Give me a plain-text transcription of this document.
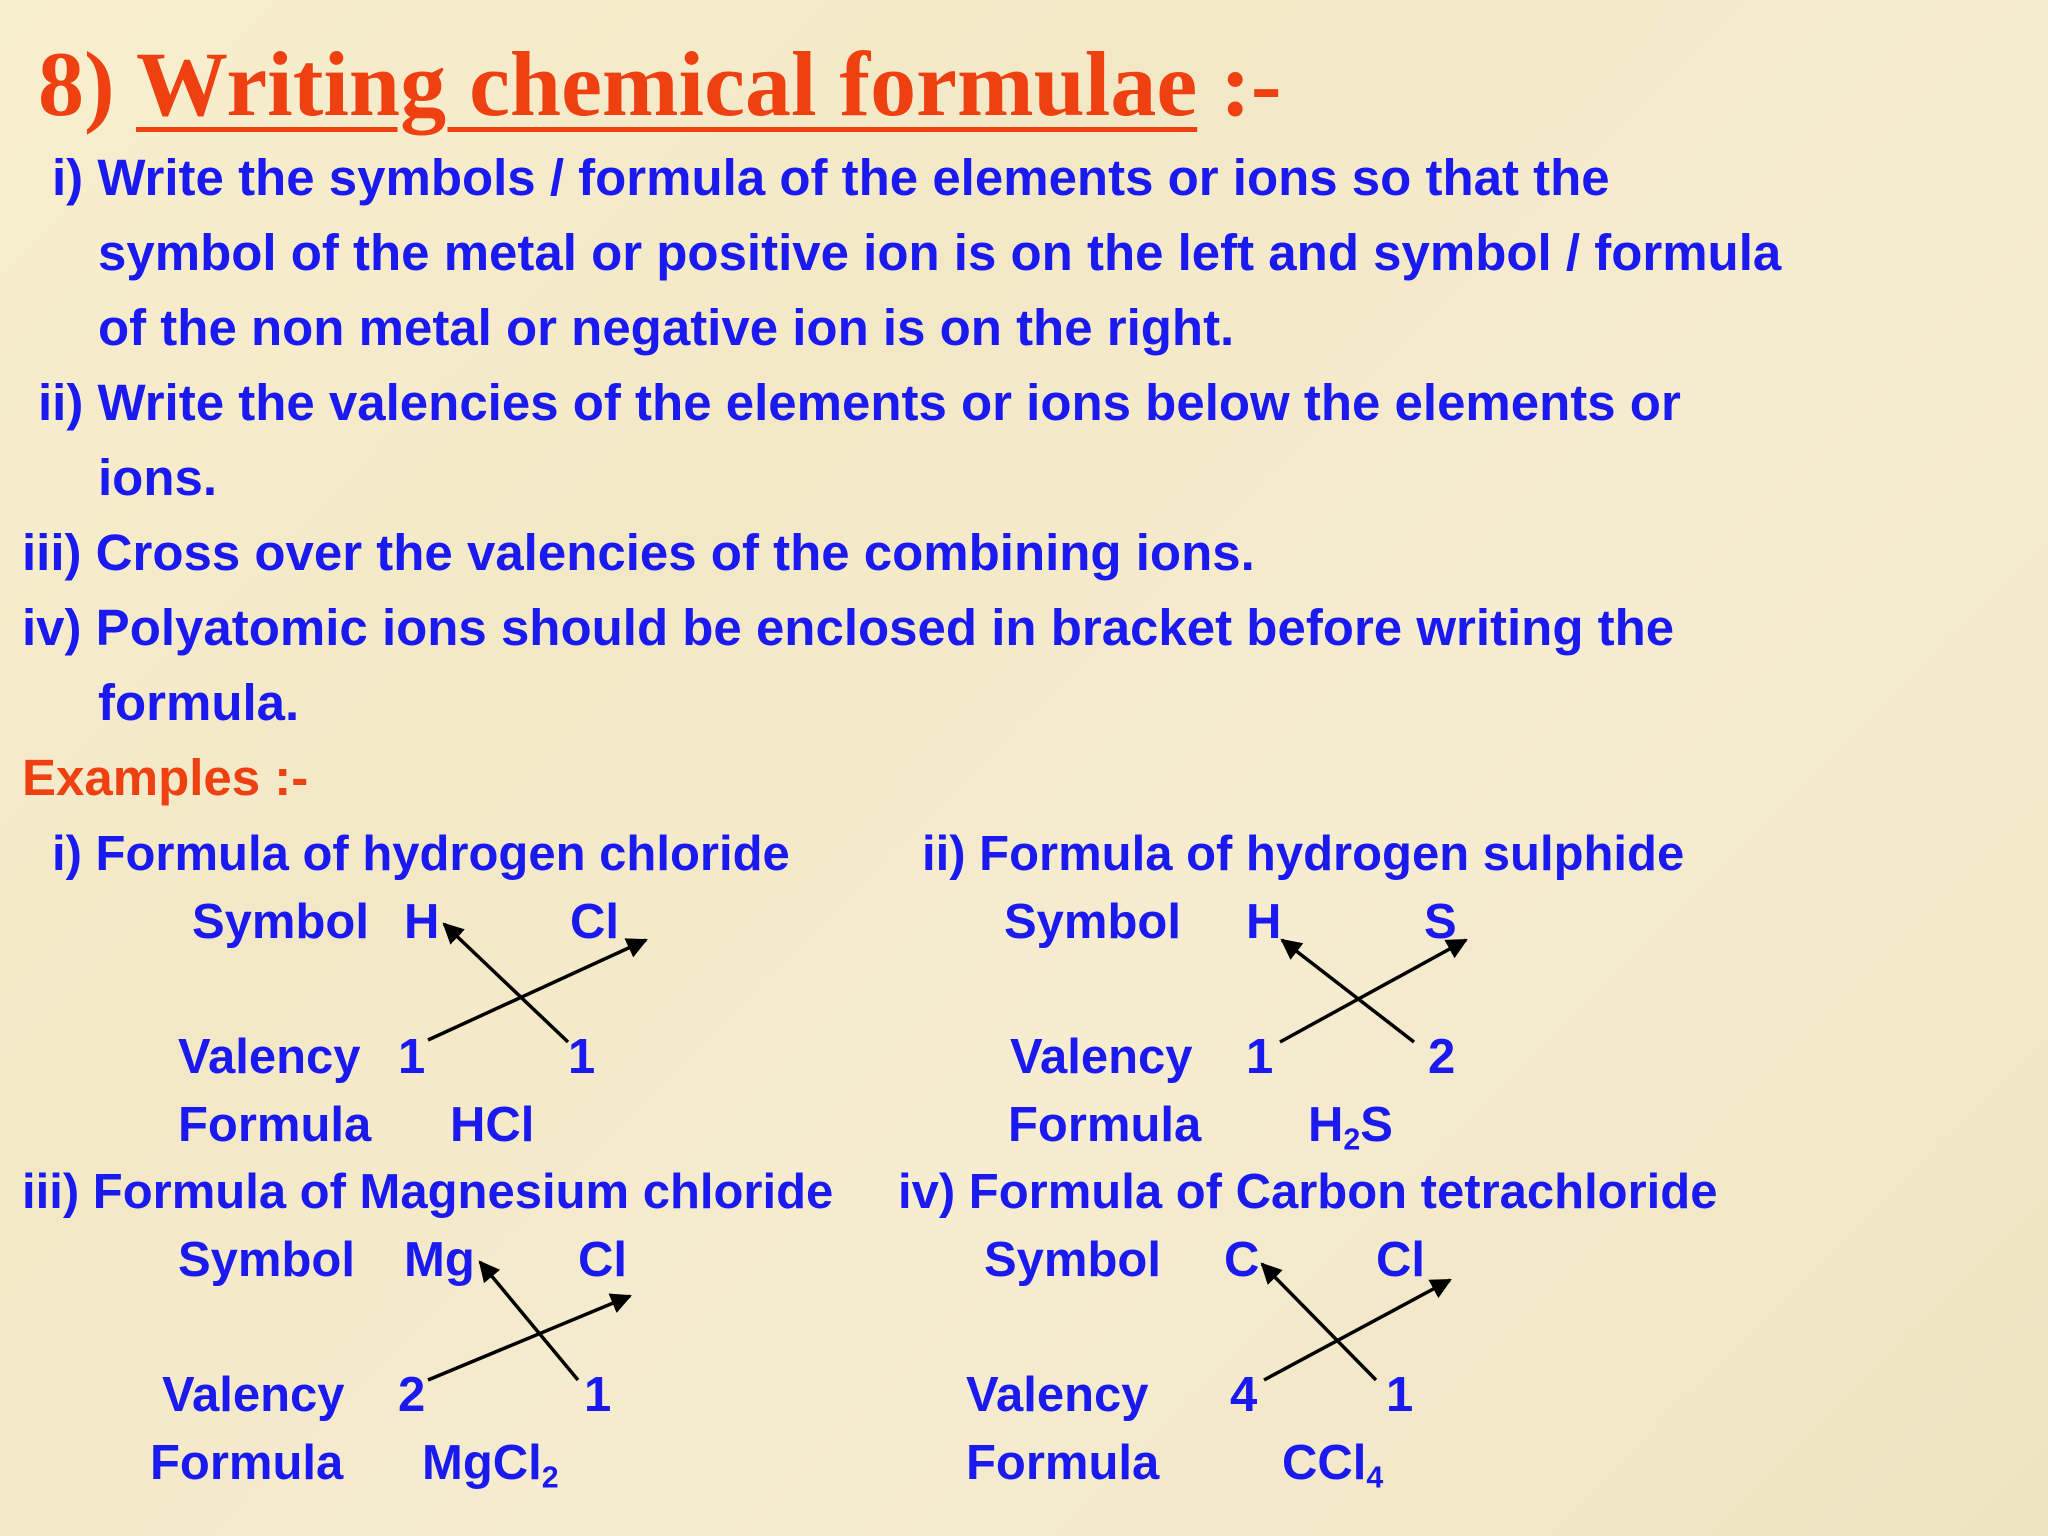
8) Writing chemical formulae :-
i) Write the symbols / formula of the elements or ions so that the
symbol of the metal or positive ion is on the left and symbol / formula
of the non metal or negative ion is on the right.
ii) Write the valencies of the elements or ions below the elements or
ions.
iii) Cross over the valencies of the combining ions.
iv) Polyatomic ions should be enclosed in bracket before writing the
formula.
Examples :-
i) Formula of hydrogen chloride
Symbol H	Cl
Valency 1	1
Formula HCl
ii) Formula of hydrogen sulphide
Symbol H	S
Valency 1	2
Formula $H_2S$
iii) Formula of Magnesium chloride
Symbol Mg Cl
Valency 2	1
Formula MgCl$_2$
iv) Formula of Carbon tetrachloride
Symbol C Cl
Valency 4	1
Formula	CCl$_4$
